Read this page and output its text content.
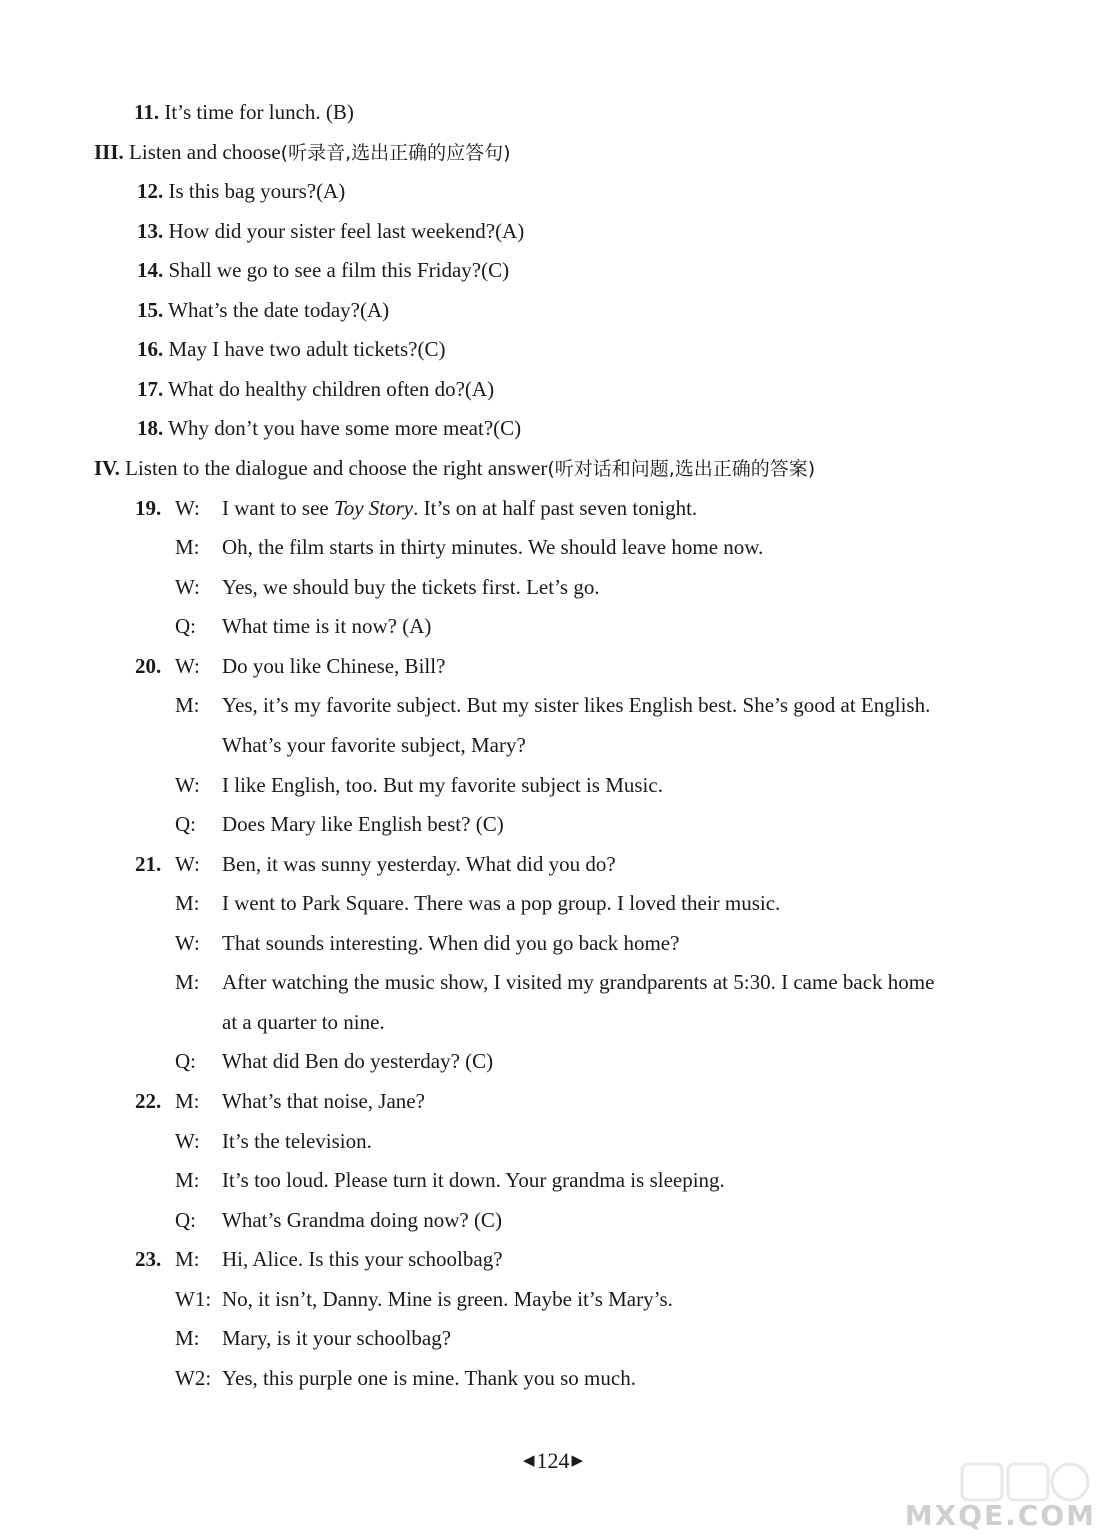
11. It’s time for lunch. (B)
III. Listen and choose(听录音,选出正确的应答句)
12. Is this bag yours?(A)
13. How did your sister feel last weekend?(A)
14. Shall we go to see a film this Friday?(C)
15. What’s the date today?(A)
16. May I have two adult tickets?(C)
17. What do healthy children often do?(A)
18. Why don’t you have some more meat?(C)
IV. Listen to the dialogue and choose the right answer(听对话和问题,选出正确的答案)
19. W: I want to see Toy Story. It’s on at half past seven tonight.
M: Oh, the film starts in thirty minutes. We should leave home now.
W: Yes, we should buy the tickets first. Let’s go.
Q: What time is it now? (A)
20. W: Do you like Chinese, Bill?
M: Yes, it’s my favorite subject. But my sister likes English best. She’s good at English.
What’s your favorite subject, Mary?
W: I like English, too. But my favorite subject is Music.
Q: Does Mary like English best? (C)
21. W: Ben, it was sunny yesterday. What did you do?
M: I went to Park Square. There was a pop group. I loved their music.
W: That sounds interesting. When did you go back home?
M: After watching the music show, I visited my grandparents at 5:30. I came back home
at a quarter to nine.
Q: What did Ben do yesterday? (C)
22. M: What’s that noise, Jane?
W: It’s the television.
M: It’s too loud. Please turn it down. Your grandma is sleeping.
Q: What’s Grandma doing now? (C)
23. M: Hi, Alice. Is this your schoolbag?
W1: No, it isn’t, Danny. Mine is green. Maybe it’s Mary’s.
M: Mary, is it your schoolbag?
W2: Yes, this purple one is mine. Thank you so much.
◀ 124 ▶
MXQE.COM
